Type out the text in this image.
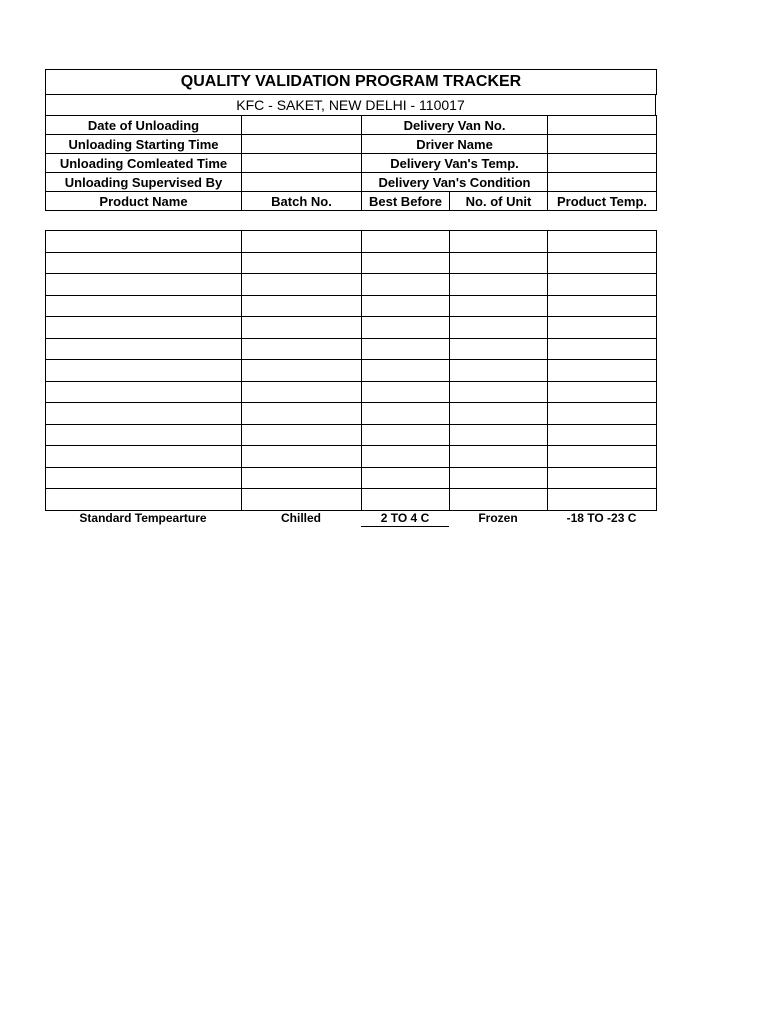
QUALITY VALIDATION PROGRAM TRACKER
KFC - SAKET, NEW DELHI - 110017
Date of Unloading		Delivery Van No.		
Unloading Starting Time		Driver Name		
Unloading Comleated Time		Delivery Van's Temp.		
Unloading Supervised By		Delivery Van's Condition		
Product Name	Batch No.	Best Before	No. of Unit	Product Temp.

Standard Tempearture	Chilled	2 TO 4 C	Frozen	-18 TO -23 C
